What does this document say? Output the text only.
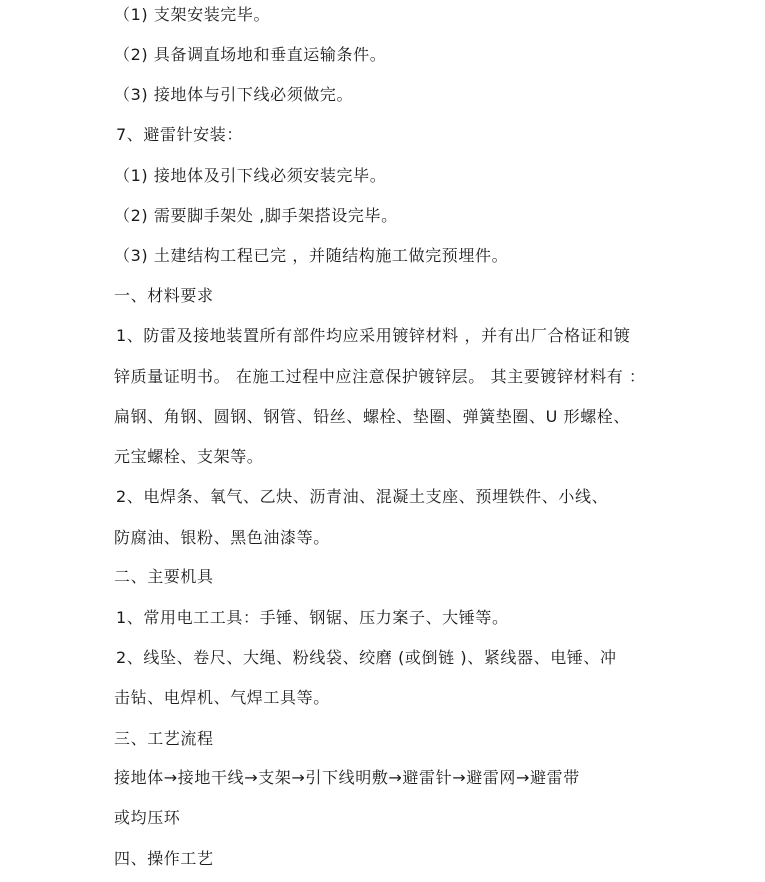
（1) 支架安装完毕。
（2) 具备调直场地和垂直运输条件。
（3) 接地体与引下线必须做完。
7、避雷针安装：
（1) 接地体及引下线必须安装完毕。
（2) 需要脚手架处 ,脚手架搭设完毕。
（3) 土建结构工程已完 ，并随结构施工做完预埋件。
一、材料要求
1、防雷及接地装置所有部件均应采用镀锌材料 ，并有出厂合格证和镀
锌质量证明书。 在施工过程中应注意保护镀锌层。 其主要镀锌材料有 ：
扁钢、角钢、圆钢、钢管、铅丝、螺栓、垫圈、弹簧垫圈、U 形螺栓、
元宝螺栓、支架等。
2、电焊条、氧气、乙炔、沥青油、混凝土支座、预埋铁件、小线、
防腐油、银粉、黑色油漆等。
二、主要机具
1、常用电工工具：手锤、钢锯、压力案子、大锤等。
2、线坠、卷尺、大绳、粉线袋、绞磨 (或倒链 )、紧线器、电锤、冲
击钻、电焊机、气焊工具等。
三、工艺流程
接地体→接地干线→支架→引下线明敷→避雷针→避雷网→避雷带
或均压环
四、操作工艺
